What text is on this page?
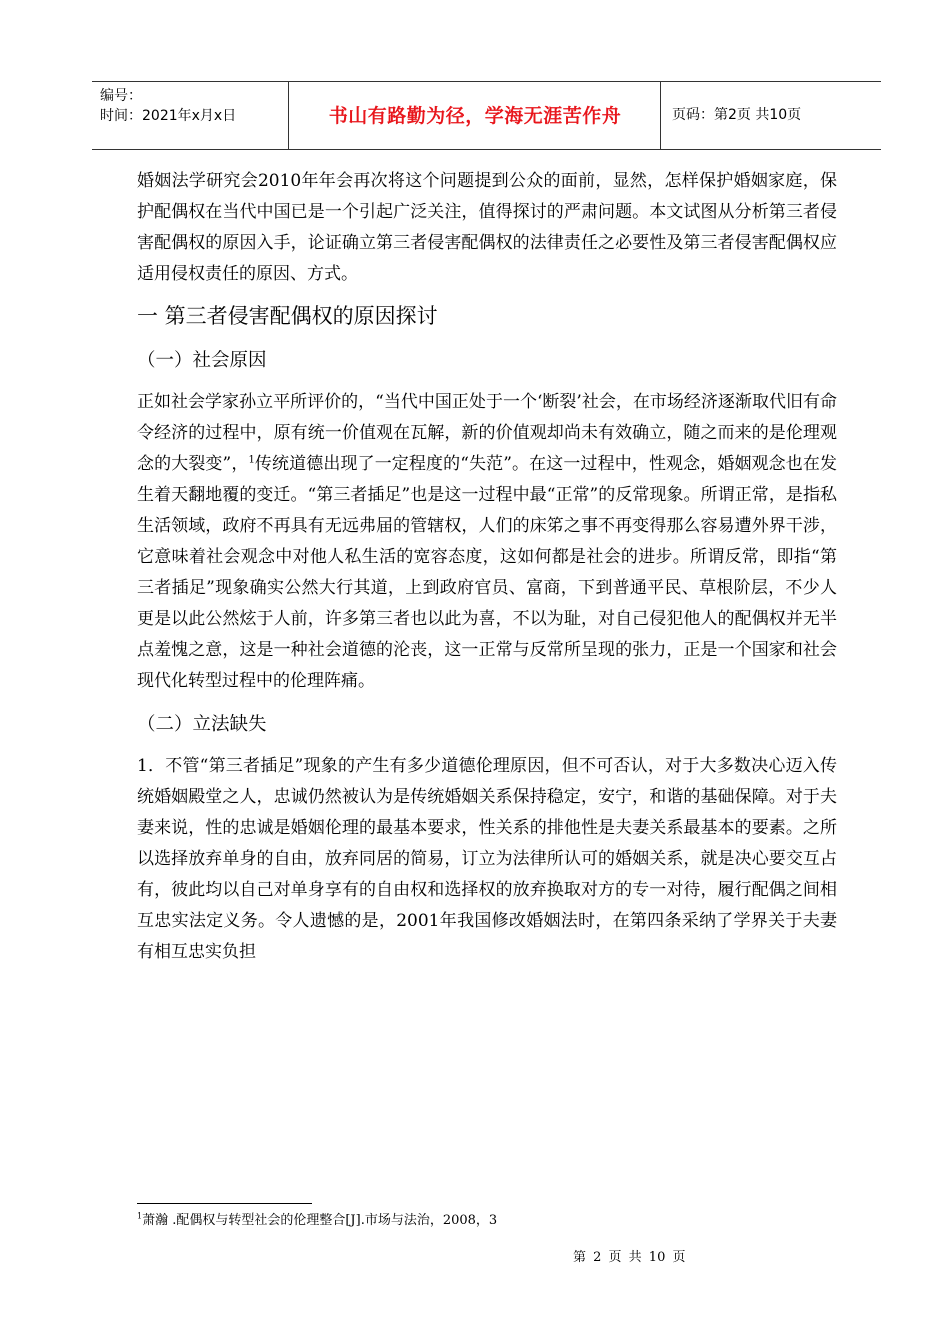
编号：
时间：2021年x月x日	书山有路勤为径，学海无涯苦作舟	页码：第2页 共10页

婚姻法学研究会2010年年会再次将这个问题提到公众的面前，显然，怎样保护婚姻家庭，保护配偶权在当代中国已是一个引起广泛关注，值得探讨的严肃问题。本文试图从分析第三者侵害配偶权的原因入手，论证确立第三者侵害配偶权的法律责任之必要性及第三者侵害配偶权应适用侵权责任的原因、方式。

一 第三者侵害配偶权的原因探讨
（一）社会原因

正如社会学家孙立平所评价的，“当代中国正处于一个‘断裂’社会，在市场经济逐渐取代旧有命令经济的过程中，原有统一价值观在瓦解，新的价值观却尚未有效确立，随之而来的是伦理观念的大裂变”，$^1$传统道德出现了一定程度的“失范”。在这一过程中，性观念，婚姻观念也在发生着天翻地覆的变迁。“第三者插足”也是这一过程中最“正常”的反常现象。所谓正常，是指私生活领域，政府不再具有无远弗届的管辖权，人们的床笫之事不再变得那么容易遭外界干涉，它意味着社会观念中对他人私生活的宽容态度，这如何都是社会的进步。所谓反常，即指“第三者插足”现象确实公然大行其道，上到政府官员、富商，下到普通平民、草根阶层，不少人更是以此公然炫于人前，许多第三者也以此为喜，不以为耻，对自己侵犯他人的配偶权并无半点羞愧之意，这是一种社会道德的沦丧，这一正常与反常所呈现的张力，正是一个国家和社会现代化转型过程中的伦理阵痛。

（二）立法缺失

1．不管“第三者插足”现象的产生有多少道德伦理原因，但不可否认，对于大多数决心迈入传统婚姻殿堂之人，忠诚仍然被认为是传统婚姻关系保持稳定，安宁，和谐的基础保障。对于夫妻来说，性的忠诚是婚姻伦理的最基本要求，性关系的排他性是夫妻关系最基本的要素。之所以选择放弃单身的自由，放弃同居的简易，订立为法律所认可的婚姻关系，就是决心要交互占有，彼此均以自己对单身享有的自由权和选择权的放弃换取对方的专一对待，履行配偶之间相互忠实法定义务。令人遗憾的是，2001年我国修改婚姻法时，在第四条采纳了学界关于夫妻有相互忠实负担

$^1$萧瀚 .配偶权与转型社会的伦理整合[J].市场与法治，2008，3
第 2 页 共 10 页
